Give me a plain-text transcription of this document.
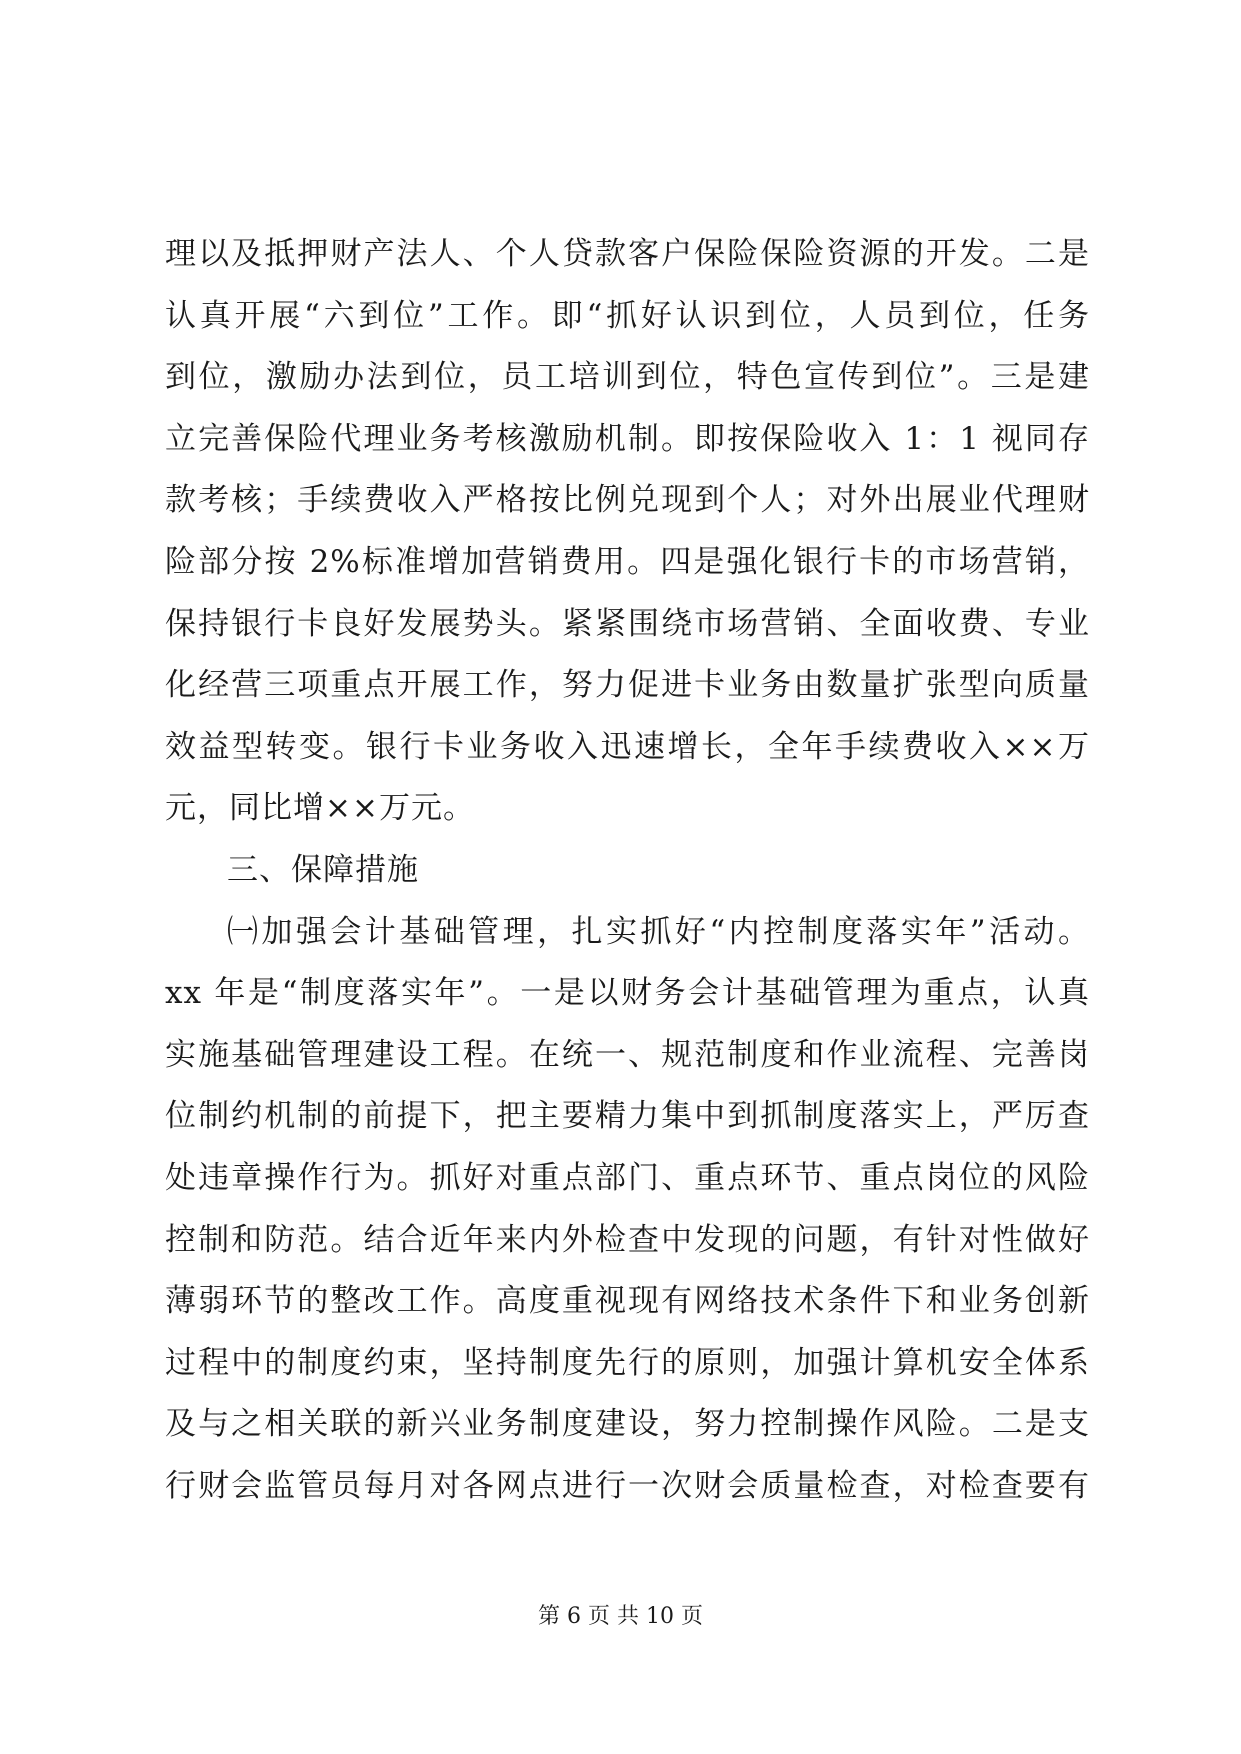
理以及抵押财产法人、个人贷款客户保险保险资源的开发。二是
认真开展“六到位”工作。即“抓好认识到位，人员到位，任务
到位，激励办法到位，员工培训到位，特色宣传到位”。三是建
立完善保险代理业务考核激励机制。即按保险收入 1：1 视同存
款考核；手续费收入严格按比例兑现到个人；对外出展业代理财
险部分按 2%标准增加营销费用。四是强化银行卡的市场营销，
保持银行卡良好发展势头。紧紧围绕市场营销、全面收费、专业
化经营三项重点开展工作，努力促进卡业务由数量扩张型向质量
效益型转变。银行卡业务收入迅速增长，全年手续费收入××万
元，同比增××万元。
三、保障措施
㈠加强会计基础管理，扎实抓好“内控制度落实年”活动。
xx 年是“制度落实年”。一是以财务会计基础管理为重点，认真
实施基础管理建设工程。在统一、规范制度和作业流程、完善岗
位制约机制的前提下，把主要精力集中到抓制度落实上，严厉查
处违章操作行为。抓好对重点部门、重点环节、重点岗位的风险
控制和防范。结合近年来内外检查中发现的问题，有针对性做好
薄弱环节的整改工作。高度重视现有网络技术条件下和业务创新
过程中的制度约束，坚持制度先行的原则，加强计算机安全体系
及与之相关联的新兴业务制度建设，努力控制操作风险。二是支
行财会监管员每月对各网点进行一次财会质量检查，对检查要有
第 6 页 共 10 页
